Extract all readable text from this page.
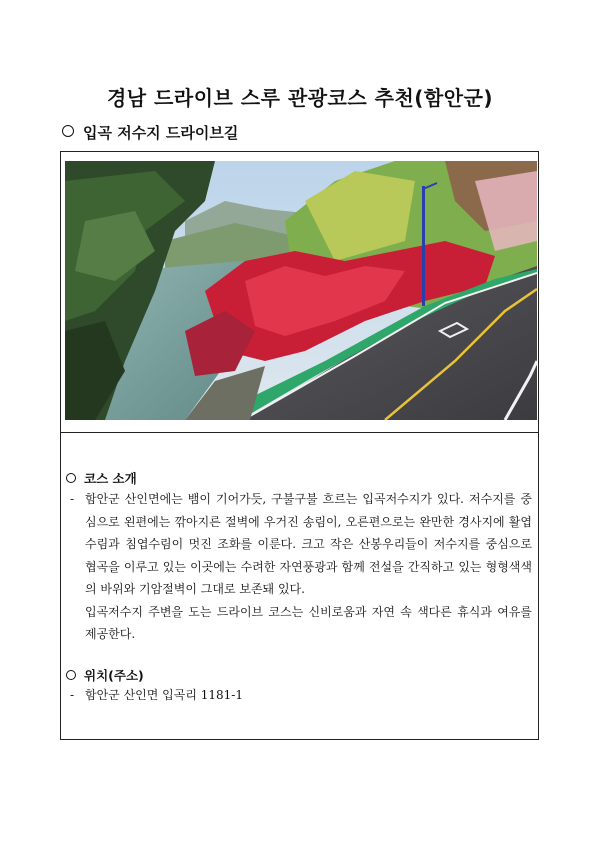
경남 드라이브 스루 관광코스 추천(함안군)
입곡 저수지 드라이브길
코스 소개
- 함안군 산인면에는 뱀이 기어가듯, 구불구불 흐르는 입곡저수지가 있다. 저수지를 중심으로 왼편에는 깎아지른 절벽에 우거진 송림이, 오른편으로는 완만한 경사지에 활엽수림과 침엽수림이 멋진 조화를 이룬다. 크고 작은 산봉우리들이 저수지를 중심으로 협곡을 이루고 있는 이곳에는 수려한 자연풍광과 함께 전설을 간직하고 있는 형형색색의 바위와 기암절벽이 그대로 보존돼 있다.
입곡저수지 주변을 도는 드라이브 코스는 신비로움과 자연 속 색다른 휴식과 여유를 제공한다.
위치(주소)
- 함안군 산인면 입곡리 1181-1
